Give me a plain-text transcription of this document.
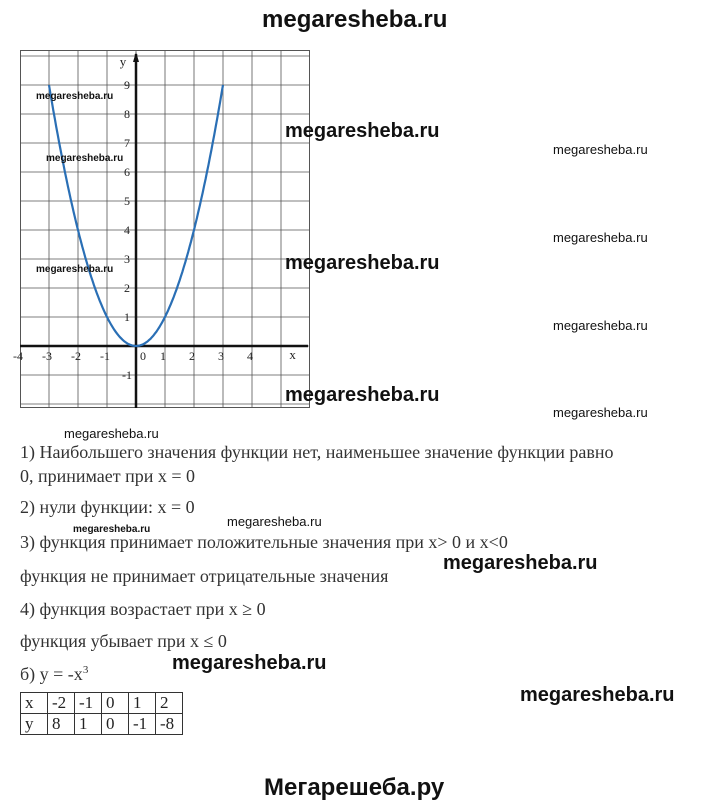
megaresheba.ru
-4 -3 -2 -1	0 1 2 3 4
-1
1
2
3
4
5
6
7
8
9
x
y
megaresheba.ru
megaresheba.ru
megaresheba.ru
megaresheba.ru
megaresheba.ru
megaresheba.ru
megaresheba.ru
megaresheba.ru
megaresheba.ru
megaresheba.ru
megaresheba.ru
megaresheba.ru
megaresheba.ru
megaresheba.ru
megaresheba.ru
megaresheba.ru
1) Наибольшего значения функции нет, наименьшее значение функции равно
0, принимает при x = 0
2) нули функции: x = 0
3) функция принимает положительные значения при x> 0 и x<0
функция не принимает отрицательные значения
4) функция возрастает при x ≥ 0
функция убывает при x ≤ 0
б) $y = -x^3$
x	-2	-1	0	1	2
y	8	1	0	-1	-8
Мегарешеба.ру
